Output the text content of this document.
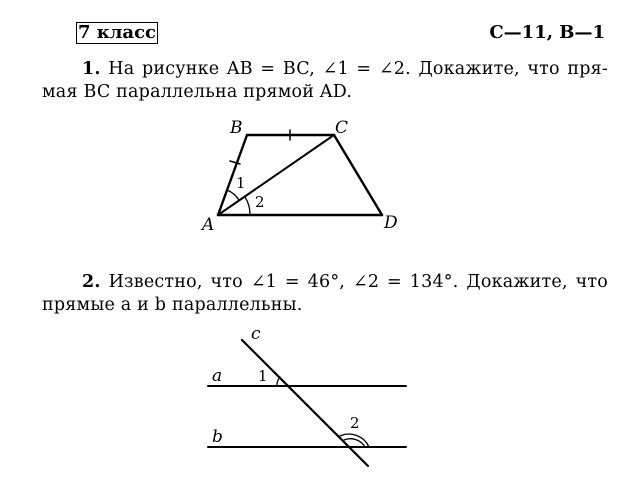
7 класс	С—11, В—1
1. На рисунке AB = BC, ∠1 = ∠2. Докажите, что пря-
мая BC параллельна прямой AD.
2. Известно, что ∠1 = 46°, ∠2 = 134°. Докажите, что
прямые a и b параллельны.
A
B	C
D
1
2
c
a
b
1
2
